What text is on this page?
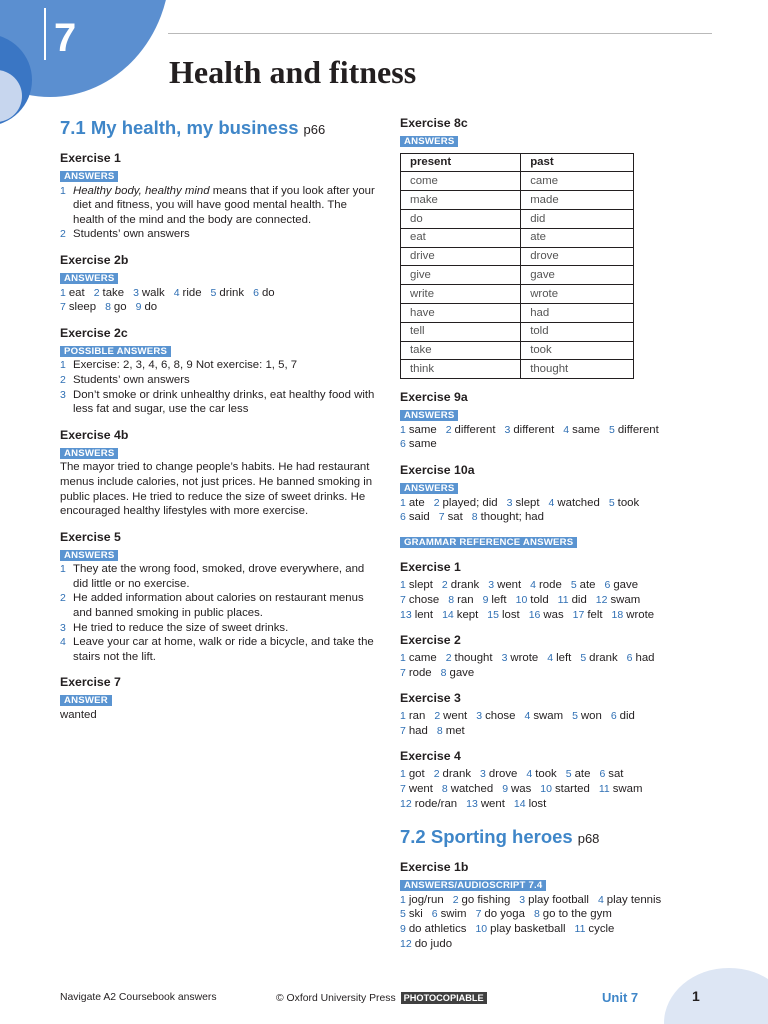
7
Health and fitness
7.1 My health, my business p66
Exercise 1
ANSWERS
1 Healthy body, healthy mind means that if you look after your diet and fitness, you will have good mental health. The health of the mind and the body are connected.
2 Students’ own answers
Exercise 2b
ANSWERS
1 eat 2 take 3 walk 4 ride 5 drink 6 do
7 sleep 8 go 9 do
Exercise 2c
POSSIBLE ANSWERS
1 Exercise: 2, 3, 4, 6, 8, 9 Not exercise: 1, 5, 7
2 Students’ own answers
3 Don’t smoke or drink unhealthy drinks, eat healthy food with less fat and sugar, use the car less
Exercise 4b
ANSWERS

The mayor tried to change people’s habits. He had restaurant menus include calories, not just prices. He banned smoking in public places. He tried to reduce the size of sweet drinks. He encouraged healthy lifestyles with more exercise.

Exercise 5
ANSWERS
1 They ate the wrong food, smoked, drove everywhere, and did little or no exercise.
2 He added information about calories on restaurant menus and banned smoking in public places.
3 He tried to reduce the size of sweet drinks.
4 Leave your car at home, walk or ride a bicycle, and take the stairs not the lift.
Exercise 7
ANSWER

wanted

Exercise 8c
ANSWERS
present	past
come	came
make	made
do	did
eat	ate
drive	drove
give	gave
write	wrote
have	had
tell	told
take	took
think	thought
Exercise 9a
ANSWERS
1 same 2 different 3 different 4 same 5 different
6 same
Exercise 10a
ANSWERS
1 ate 2 played; did 3 slept 4 watched 5 took
6 said 7 sat 8 thought; had
GRAMMAR REFERENCE ANSWERS
Exercise 1
1 slept 2 drank 3 went 4 rode 5 ate 6 gave
7 chose 8 ran 9 left 10 told 11 did 12 swam
13 lent 14 kept 15 lost 16 was 17 felt 18 wrote
Exercise 2
1 came 2 thought 3 wrote 4 left 5 drank 6 had
7 rode 8 gave
Exercise 3
1 ran 2 went 3 chose 4 swam 5 won 6 did
7 had 8 met
Exercise 4
1 got 2 drank 3 drove 4 took 5 ate 6 sat
7 went 8 watched 9 was 10 started 11 swam
12 rode/ran 13 went 14 lost
7.2 Sporting heroes p68
Exercise 1b
ANSWERS/AUDIOSCRIPT 7.4
1 jog/run 2 go fishing 3 play football 4 play tennis
5 ski 6 swim 7 do yoga 8 go to the gym
9 do athletics 10 play basketball 11 cycle
12 do judo
Navigate A2 Coursebook answers	© Oxford University Press PHOTOCOPIABLE	Unit 7	1
